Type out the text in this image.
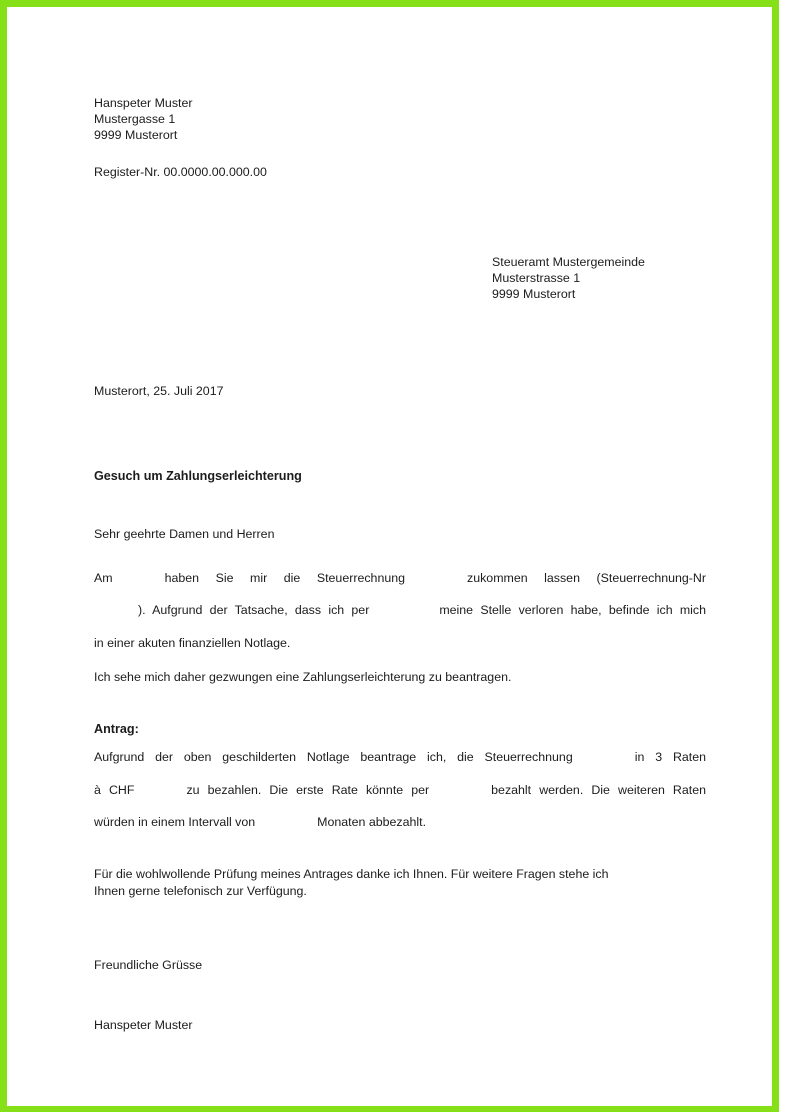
Hanspeter Muster
Mustergasse 1
9999 Musterort
Register-Nr. 00.0000.00.000.00
Steueramt Mustergemeinde
Musterstrasse 1
9999 Musterort
Musterort, 25. Juli 2017
Gesuch um Zahlungserleichterung
Sehr geehrte Damen und Herren
Am	haben Sie mir die Steuerrechnung	zukommen lassen (Steuerrechnung-Nr
). Aufgrund der Tatsache, dass ich per	meine Stelle verloren habe, befinde ich mich
in einer akuten finanziellen Notlage.
Ich sehe mich daher gezwungen eine Zahlungserleichterung zu beantragen.
Antrag:
Aufgrund der oben geschilderten Notlage beantrage ich, die Steuerrechnung	in 3 Raten
à CHF	zu bezahlen. Die erste Rate könnte per	bezahlt werden. Die weiteren Raten
würden in einem Intervall von	Monaten abbezahlt.
Für die wohlwollende Prüfung meines Antrages danke ich Ihnen. Für weitere Fragen stehe ich
Ihnen gerne telefonisch zur Verfügung.
Freundliche Grüsse
Hanspeter Muster
